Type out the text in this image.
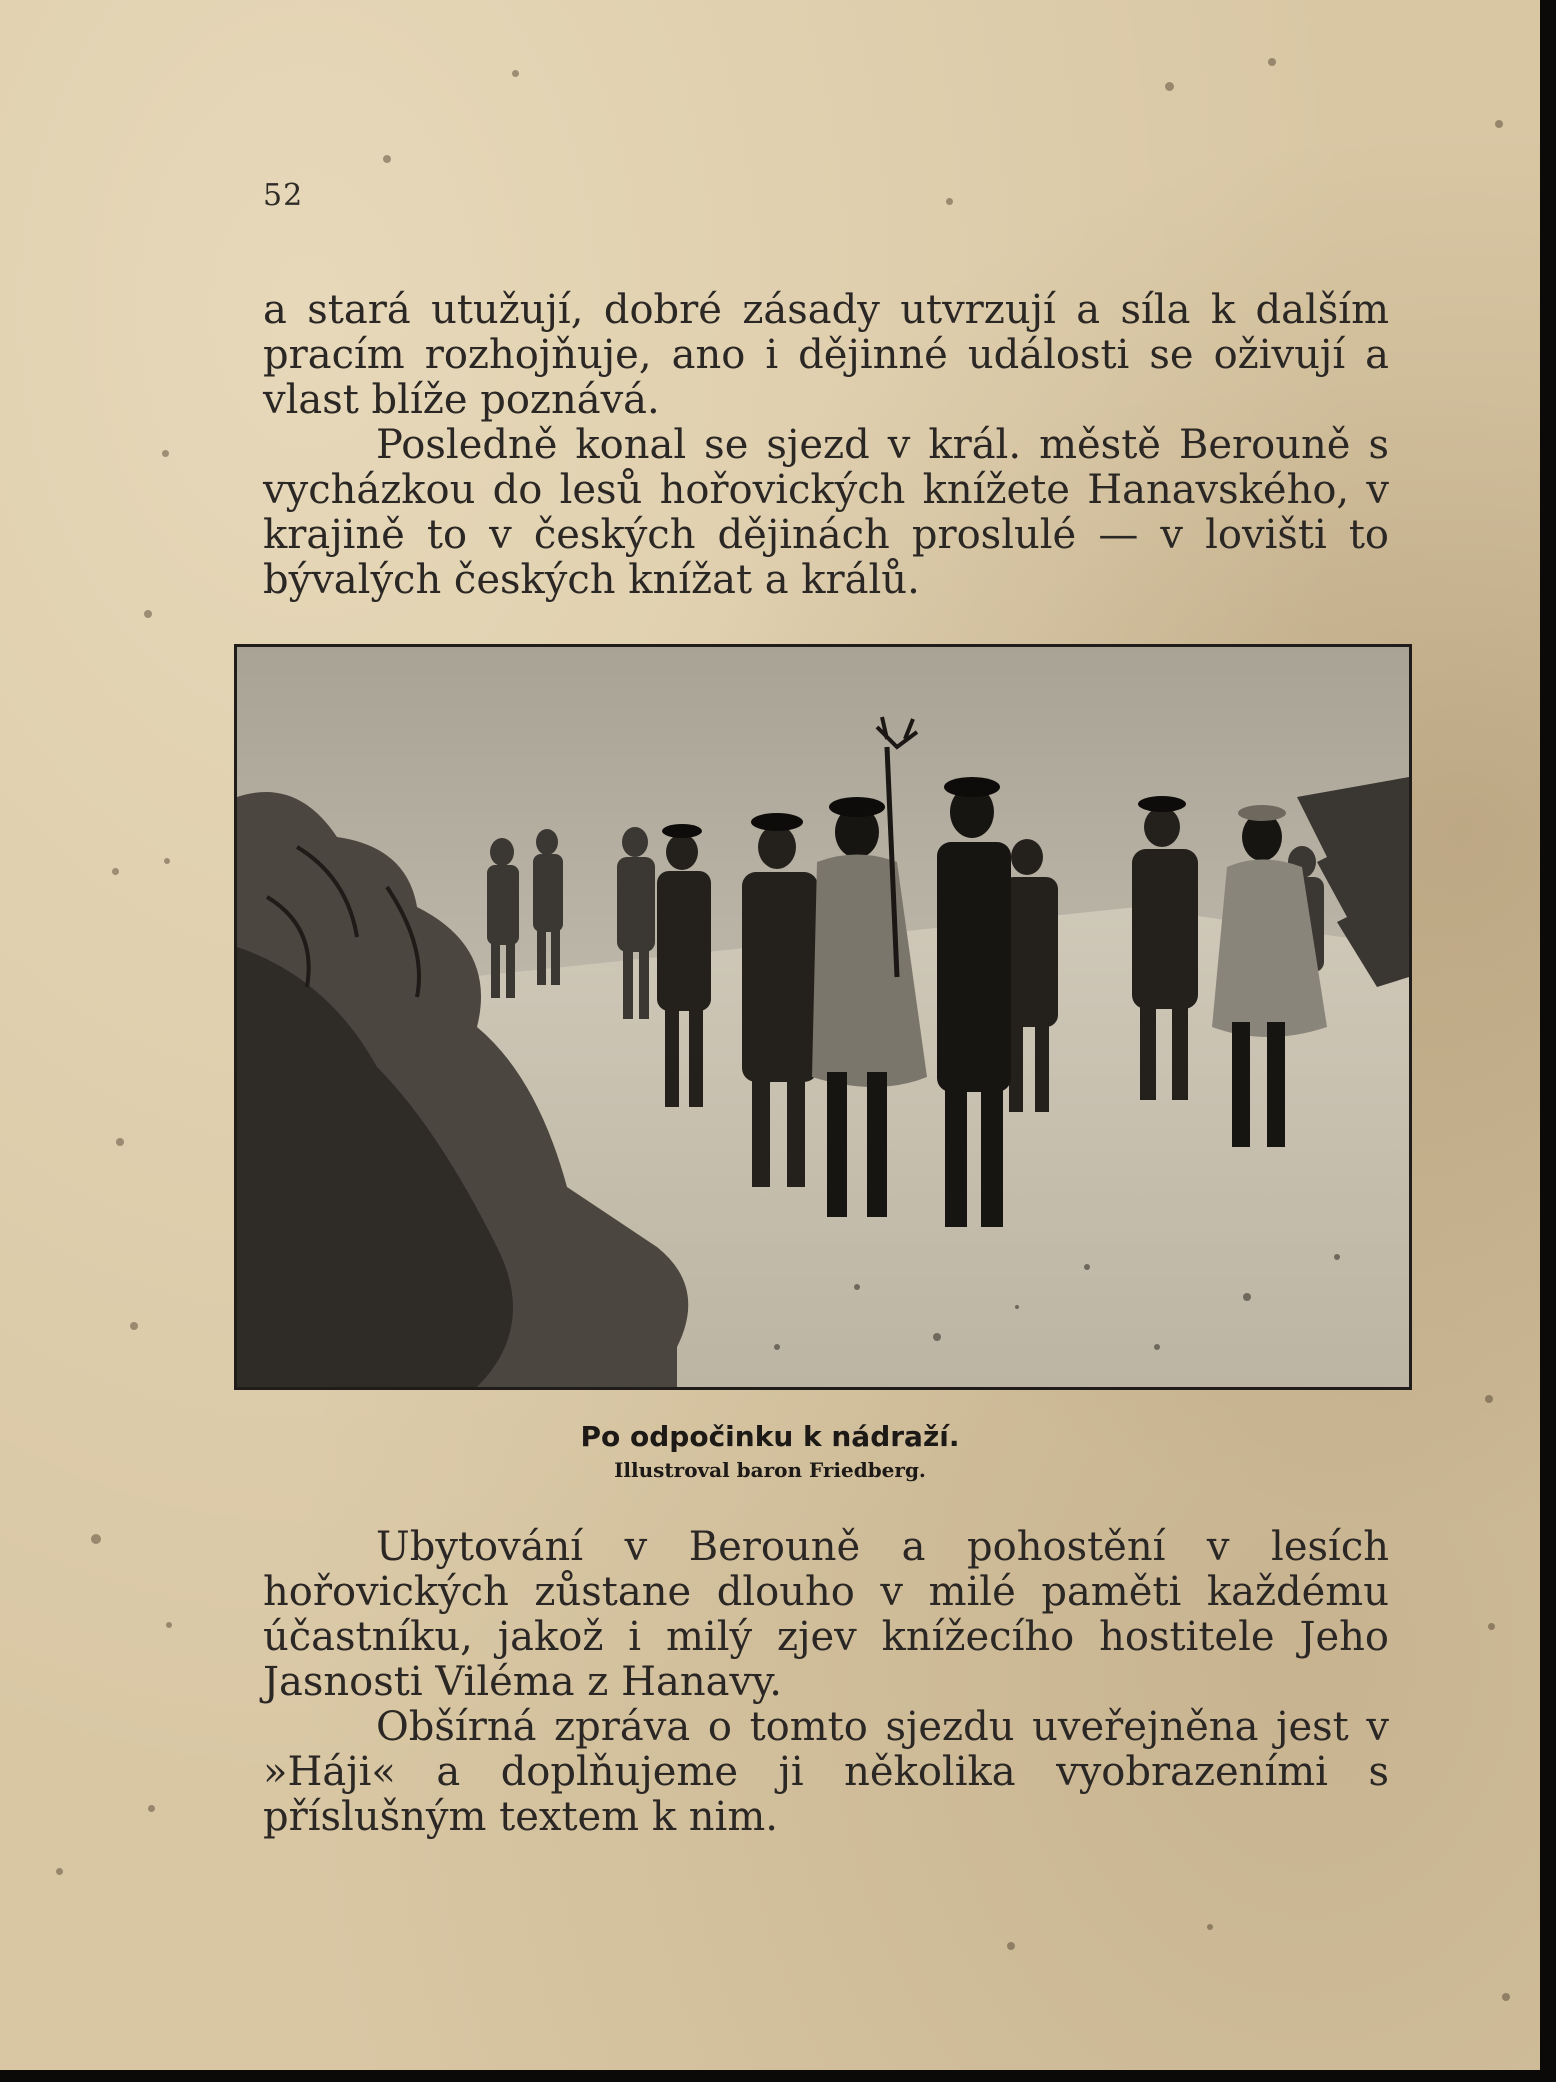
52

a stará utužují, dobré zásady utvrzují a síla k dalším pracím rozhojňuje, ano i dějinné události se oživují a vlast blíže poznává.

Posledně konal se sjezd v král. městě Berouně s vycházkou do lesů hořovických knížete Hanavského, v krajině to v českých dějinách proslulé — v lovišti to bývalých českých knížat a králů.

Po odpočinku k nádraží.
Illustroval baron Friedberg.

Ubytování v Berouně a pohostění v lesích hořovických zůstane dlouho v milé paměti každému účastníku, jakož i milý zjev knížecího hostitele Jeho Jasnosti Viléma z Hanavy.

Obšírná zpráva o tomto sjezdu uveřejněna jest v »Háji« a doplňujeme ji několika vyobrazeními s příslušným textem k nim.
